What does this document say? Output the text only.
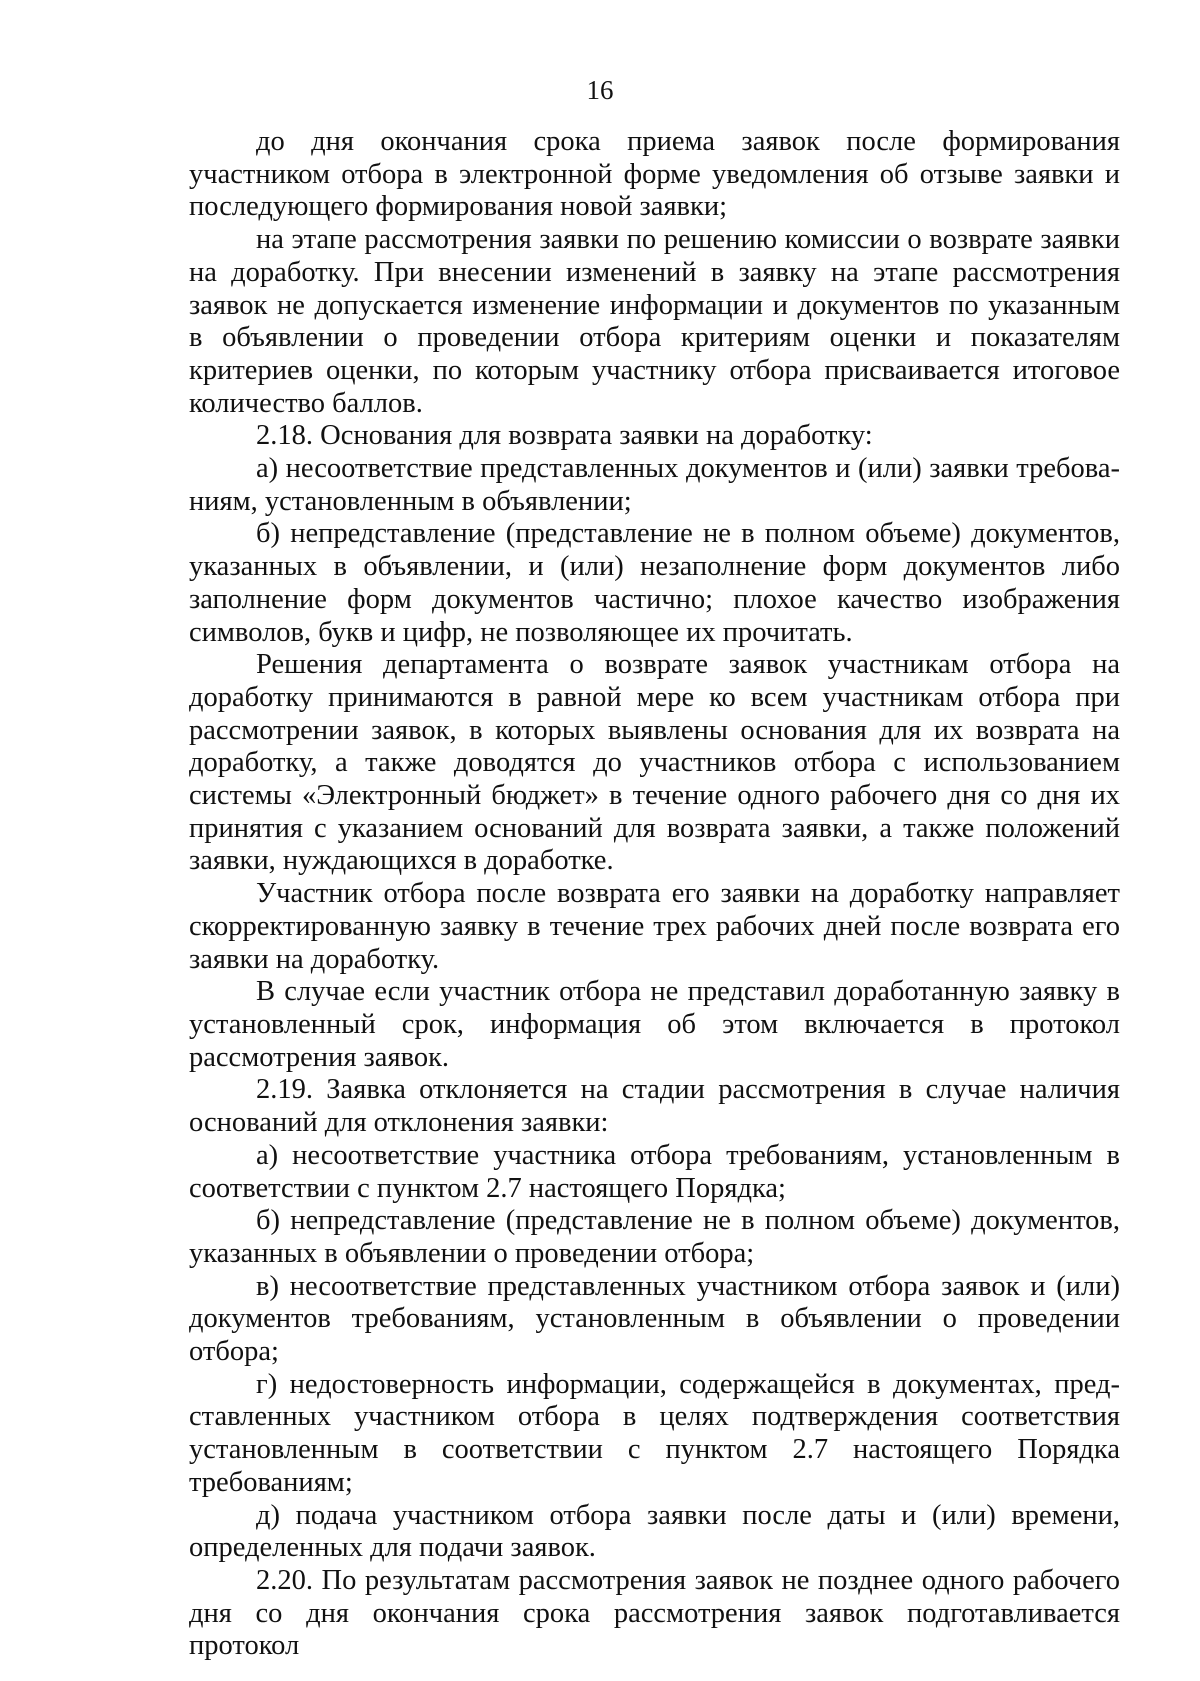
16

до дня окончания срока приема заявок после формирования участником отбора в электронной форме уведомления об отзыве заявки и последующего формирования новой заявки;

на этапе рассмотрения заявки по решению комиссии о возврате заявки на доработку. При внесении изменений в заявку на этапе рассмотрения заявок не допускается изменение информации и документов по указанным в объявлении о проведении отбора критериям оценки и показателям критериев оценки, по которым участнику отбора присваивается итоговое количество баллов.

2.18. Основания для возврата заявки на доработку:

а) несоответствие представленных документов и (или) заявки требованиям, установленным в объявлении;

б) непредставление (представление не в полном объеме) документов, указанных в объявлении, и (или) незаполнение форм документов либо заполнение форм документов частично; плохое качество изображения символов, букв и цифр, не позволяющее их прочитать.

Решения департамента о возврате заявок участникам отбора на доработку принимаются в равной мере ко всем участникам отбора при рассмотрении заявок, в которых выявлены основания для их возврата на доработку, а также доводятся до участников отбора с использованием системы «Электронный бюджет» в течение одного рабочего дня со дня их принятия с указанием оснований для возврата заявки, а также положений заявки, нуждающихся в доработке.

Участник отбора после возврата его заявки на доработку направляет скорректированную заявку в течение трех рабочих дней после возврата его заявки на доработку.

В случае если участник отбора не представил доработанную заявку в установленный срок, информация об этом включается в протокол рассмотрения заявок.

2.19. Заявка отклоняется на стадии рассмотрения в случае наличия оснований для отклонения заявки:

а) несоответствие участника отбора требованиям, установленным в соответствии с пунктом 2.7 настоящего Порядка;

б) непредставление (представление не в полном объеме) документов, указанных в объявлении о проведении отбора;

в) несоответствие представленных участником отбора заявок и (или) документов требованиям, установленным в объявлении о проведении отбора;

г) недостоверность информации, содержащейся в документах, представленных участником отбора в целях подтверждения соответствия установленным в соответствии с пунктом 2.7 настоящего Порядка требованиям;

д) подача участником отбора заявки после даты и (или) времени, определенных для подачи заявок.

2.20. По результатам рассмотрения заявок не позднее одного рабочего дня со дня окончания срока рассмотрения заявок подготавливается протокол
